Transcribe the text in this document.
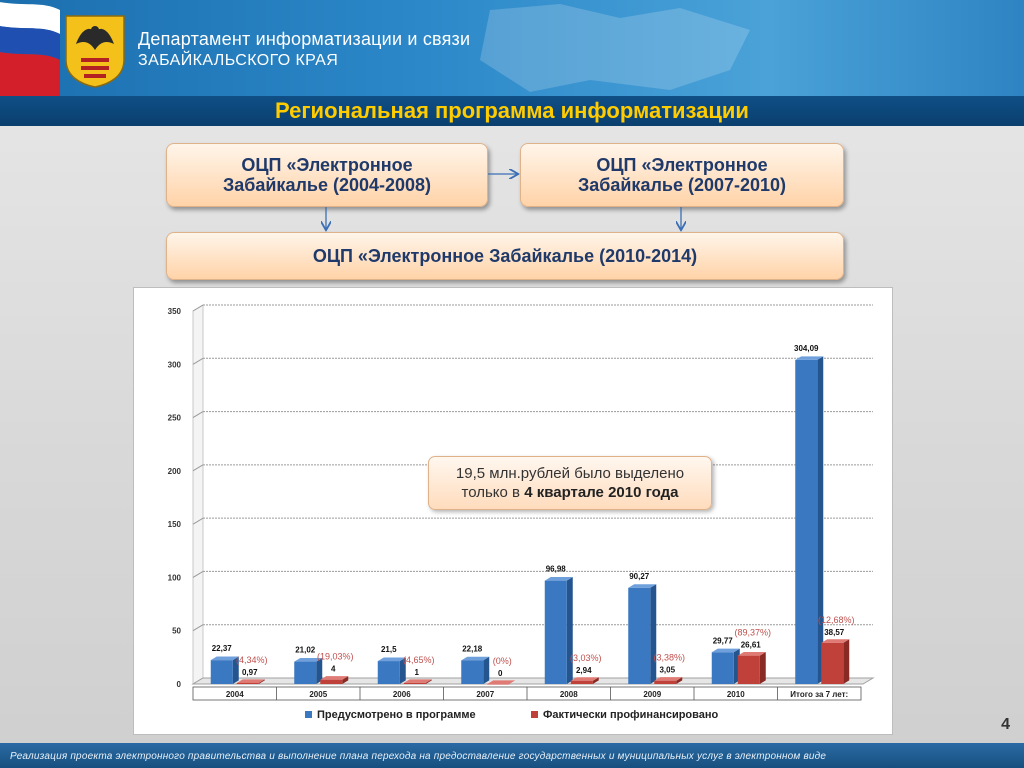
Департамент информатизации и связи
ЗАБАЙКАЛЬСКОГО КРАЯ
Региональная программа информатизации
ОЦП «Электронное
Забайкалье (2004-2008)
ОЦП «Электронное
Забайкалье (2007-2010)
ОЦП «Электронное Забайкалье (2010-2014)
0
50
100
150
200
250
300
350
2004	2005	2006	2007	2008	2009	2010	Итого за 7 лет:
22,37
0,97
(4,34%)
21,02
4
(19,03%)
21,5
1
(4,65%)
22,18
0
(0%)
96,98
2,94
(3,03%)
90,27
3,05
(3,38%)
29,77 26,61
(89,37%)
304,09
38,57
(12,68%)
Предусмотрено в программе	Фактически профинансировано
19,5 млн.рублей было выделено
только в 4 квартале 2010 года
4
Реализация проекта электронного правительства и выполнение плана перехода на предоставление государственных и муниципальных услуг в электронном виде
